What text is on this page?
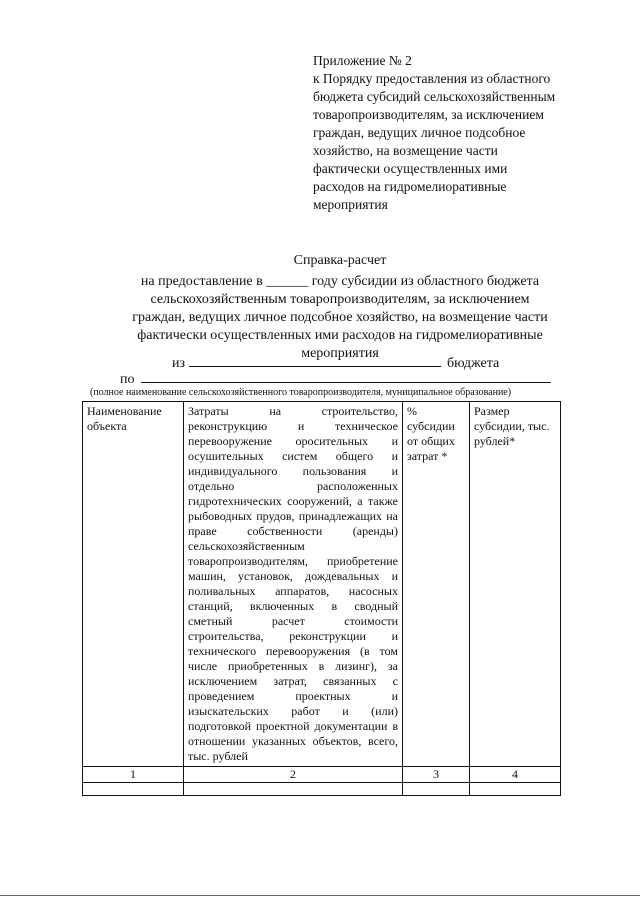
Приложение № 2
к Порядку предоставления из областного
бюджета субсидий сельскохозяйственным
товаропроизводителям, за исключением
граждан, ведущих личное подсобное
хозяйство, на возмещение части
фактически осуществленных ими
расходов на гидромелиоративные
мероприятия
Справка-расчет
на предоставление в ______ году субсидии из областного бюджета
сельскохозяйственным товаропроизводителям, за исключением
граждан, ведущих личное подсобное хозяйство, на возмещение части
фактически осуществленных ими расходов на гидромелиоративные
мероприятия
из	бюджета
по
(полное наименование сельскохозяйственного товаропроизводителя, муниципальное образование)
Наименование объекта	Затраты на строительство, реконструкцию и техническое перевооружение оросительных и осушительных систем общего и индивидуального пользования и отдельно расположенных гидротехнических сооружений, а также рыбоводных прудов, принадлежащих на праве собственности (аренды) сельскохозяйственным товаропроизводителям, приобретение машин, установок, дождевальных и поливальных аппаратов, насосных станций, включенных в сводный сметный расчет стоимости строительства, реконструкции и технического перевооружения (в том числе приобретенных в лизинг), за исключением затрат, связанных с проведением проектных и изыскательских работ и (или) подготовкой проектной документации в отношении указанных объектов, всего, тыс. рублей	% субсидии от общих затрат *	Размер субсидии, тыс. рублей*
1	2	3	4
